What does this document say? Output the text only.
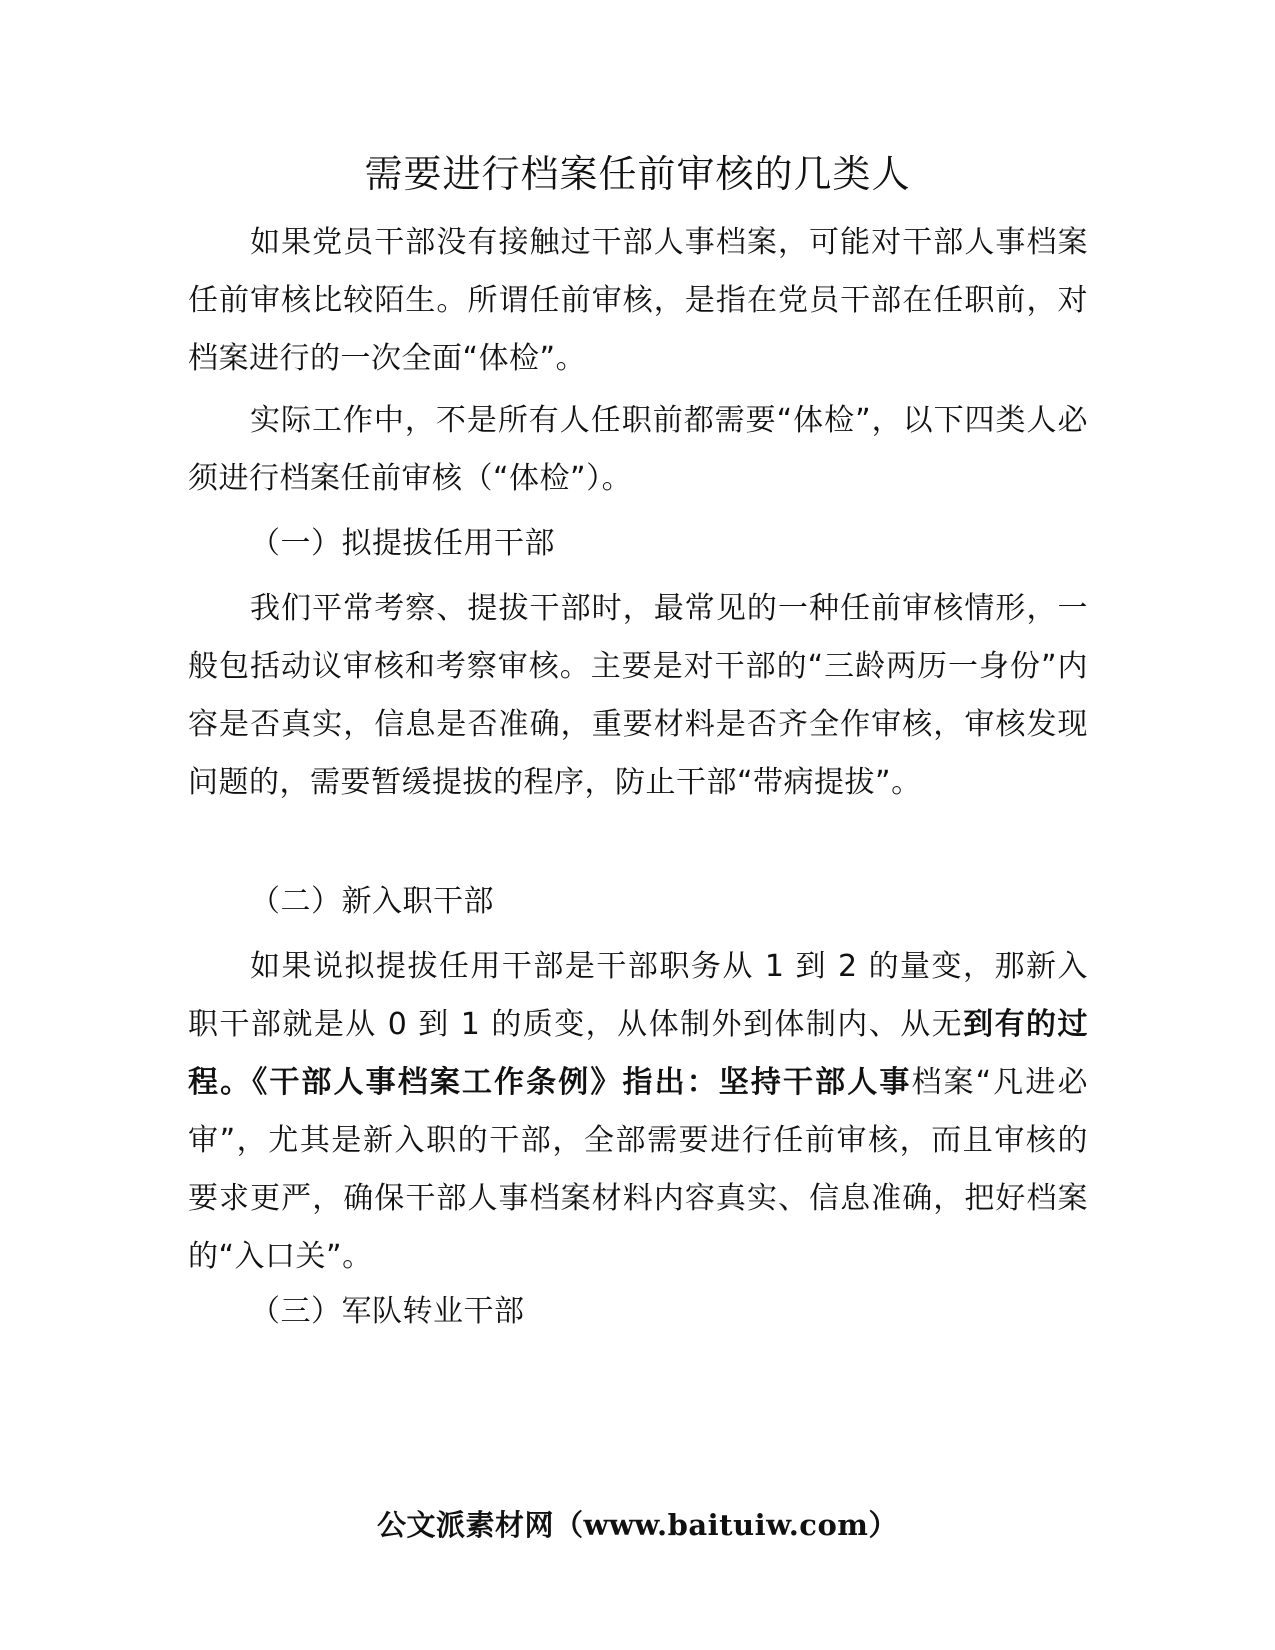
需要进行档案任前审核的几类人

如果党员干部没有接触过干部人事档案，可能对干部人事档案任前审核比较陌生。所谓任前审核，是指在党员干部在任职前，对档案进行的一次全面“体检”。

实际工作中，不是所有人任职前都需要“体检”，以下四类人必须进行档案任前审核（“体检”）。

（一）拟提拔任用干部

我们平常考察、提拔干部时，最常见的一种任前审核情形，一般包括动议审核和考察审核。主要是对干部的“三龄两历一身份”内容是否真实，信息是否准确，重要材料是否齐全作审核，审核发现问题的，需要暂缓提拔的程序，防止干部“带病提拔”。

（二）新入职干部

如果说拟提拔任用干部是干部职务从 1 到 2 的量变，那新入职干部就是从 0 到 1 的质变，从体制外到体制内、从无到有的过程。《干部人事档案工作条例》指出：坚持干部人事档案“凡进必审”，尤其是新入职的干部，全部需要进行任前审核，而且审核的要求更严，确保干部人事档案材料内容真实、信息准确，把好档案的“入口关”。

（三）军队转业干部
公文派素材网（www.baituiw.com）
